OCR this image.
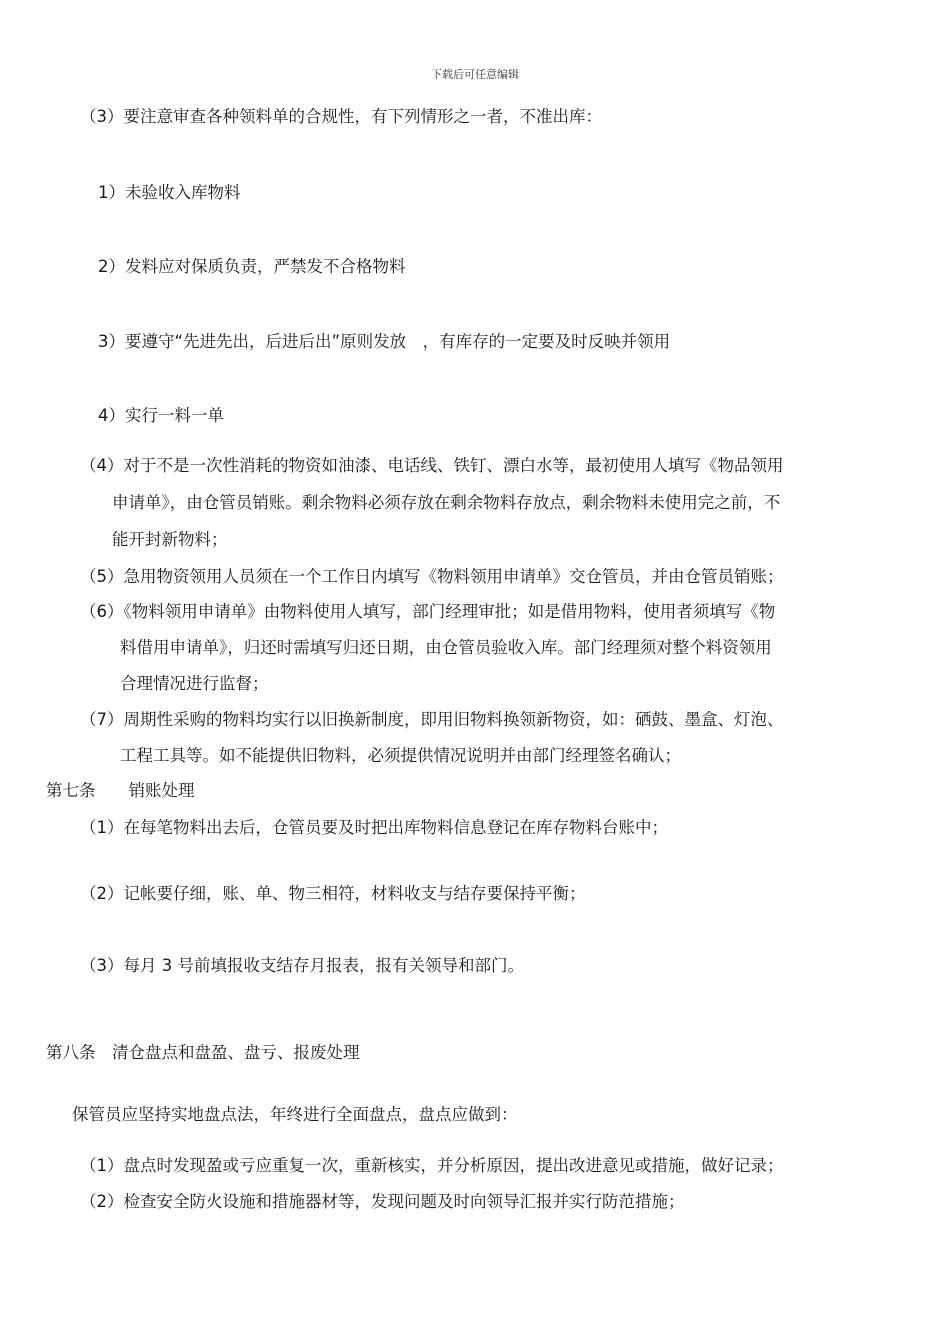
下载后可任意编辑
（3）要注意审查各种领料单的合规性，有下列情形之一者，不准出库：
1）未验收入库物料
2）发料应对保质负责，严禁发不合格物料
3）要遵守“先进先出，后进后出”原则发放　，有库存的一定要及时反映并领用
4）实行一料一单
（4）对于不是一次性消耗的物资如油漆、电话线、铁钉、漂白水等，最初使用人填写《物品领用
申请单》，由仓管员销账。剩余物料必须存放在剩余物料存放点，剩余物料未使用完之前，不
能开封新物料；
（5）急用物资领用人员须在一个工作日内填写《物料领用申请单》交仓管员，并由仓管员销账；
（6）《物料领用申请单》由物料使用人填写，部门经理审批；如是借用物料，使用者须填写《物
料借用申请单》，归还时需填写归还日期，由仓管员验收入库。部门经理须对整个料资领用
合理情况进行监督；
（7）周期性采购的物料均实行以旧换新制度，即用旧物料换领新物资，如：硒鼓、墨盒、灯泡、
工程工具等。如不能提供旧物料，必须提供情况说明并由部门经理签名确认；
第七条　　销账处理
（1）在每笔物料出去后，仓管员要及时把出库物料信息登记在库存物料台账中；
（2）记帐要仔细，账、单、物三相符，材料收支与结存要保持平衡；
（3）每月 3 号前填报收支结存月报表，报有关领导和部门。
第八条　清仓盘点和盘盈、盘亏、报废处理
保管员应坚持实地盘点法，年终进行全面盘点，盘点应做到：
（1）盘点时发现盈或亏应重复一次，重新核实，并分析原因，提出改进意见或措施，做好记录；
（2）检查安全防火设施和措施器材等，发现问题及时向领导汇报并实行防范措施；
